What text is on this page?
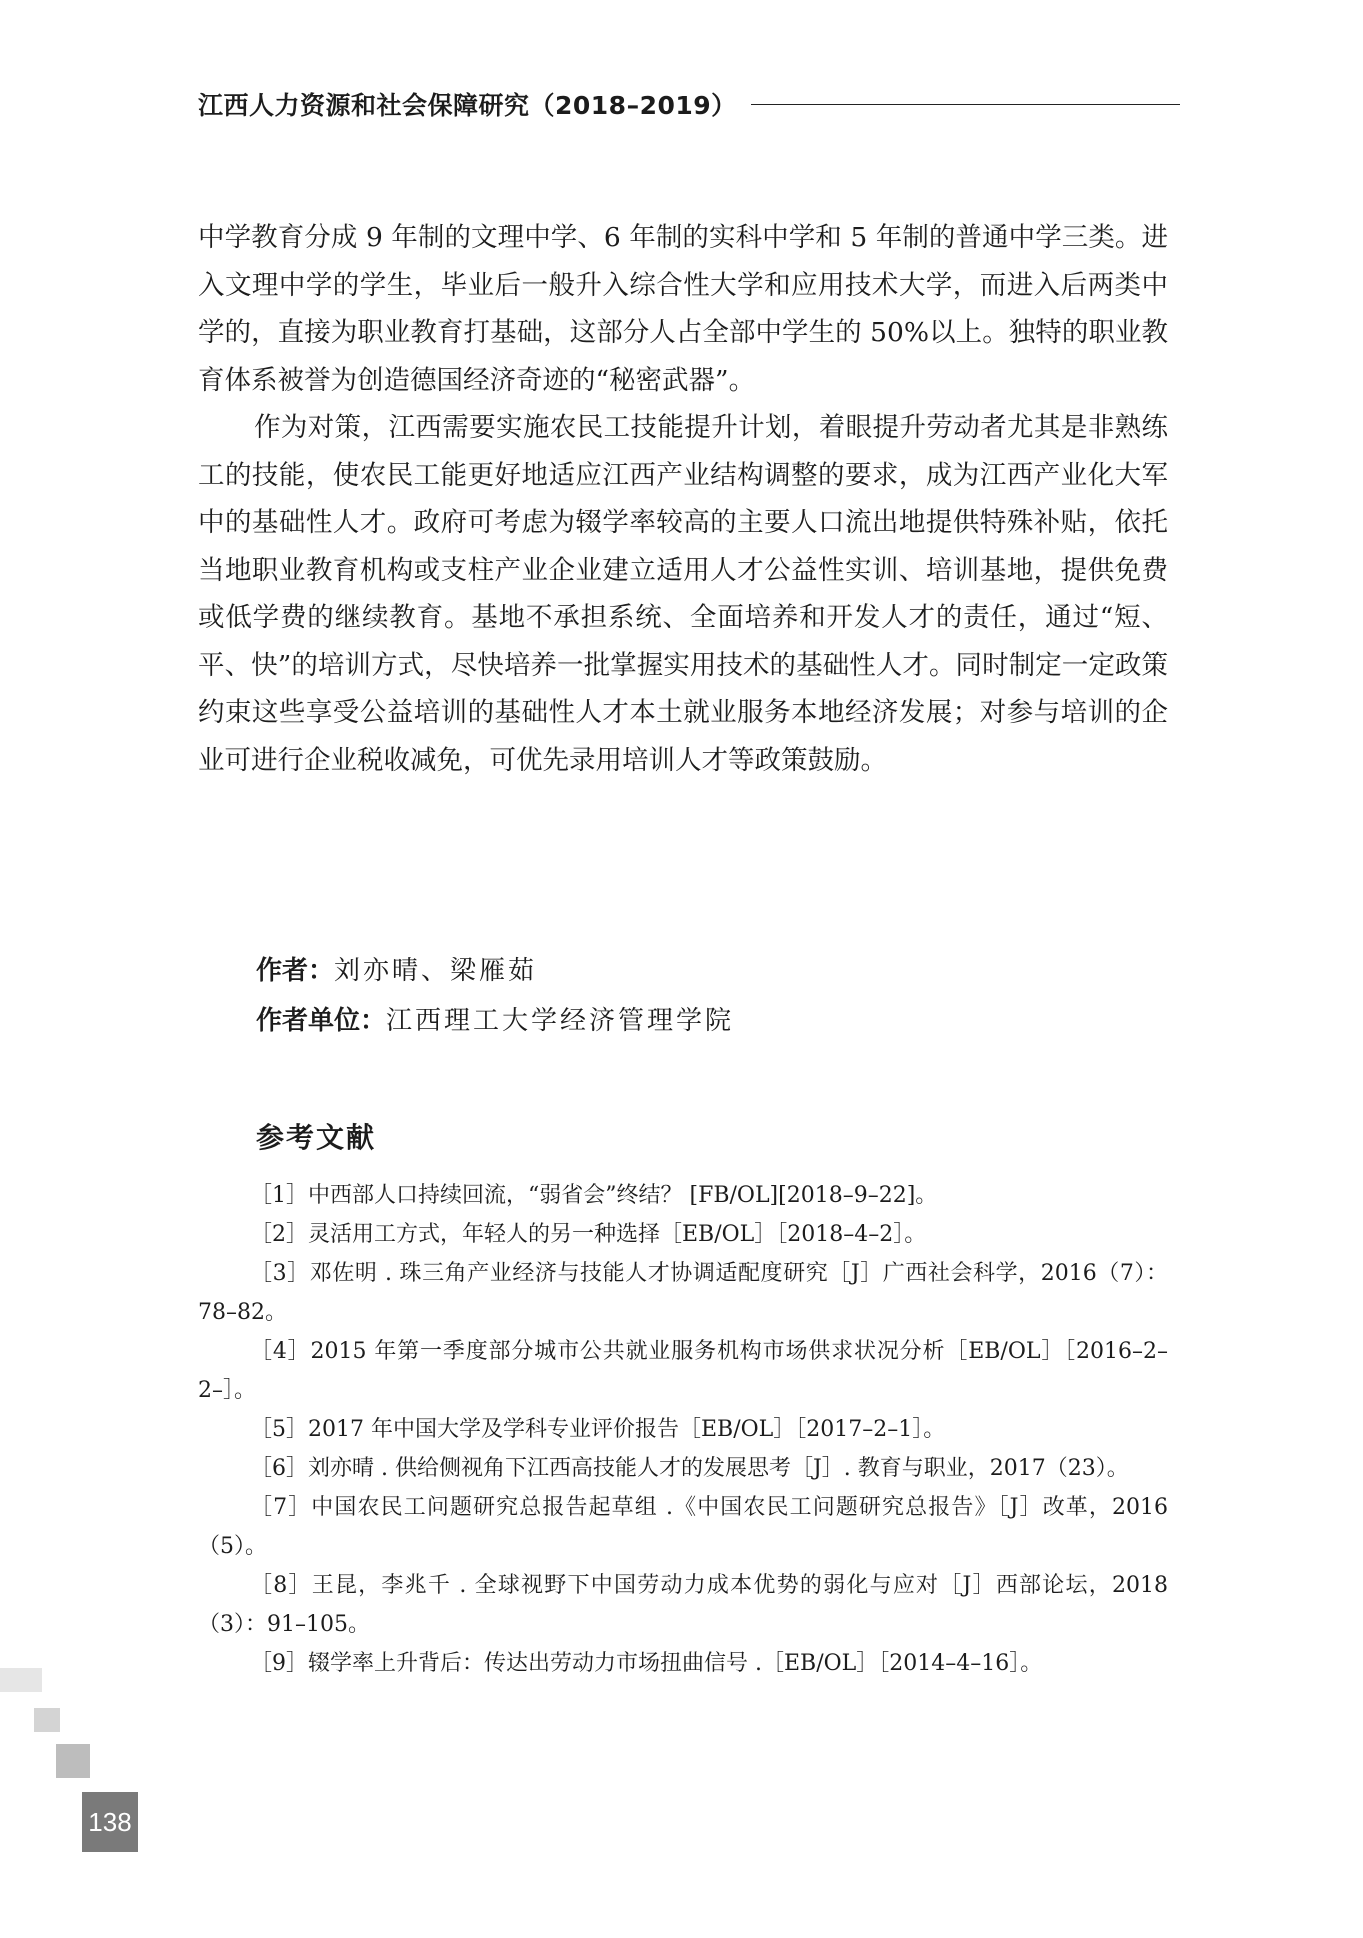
江西人力资源和社会保障研究（2018–2019）

中学教育分成 9 年制的文理中学、6 年制的实科中学和 5 年制的普通中学三类。进入文理中学的学生，毕业后一般升入综合性大学和应用技术大学，而进入后两类中学的，直接为职业教育打基础，这部分人占全部中学生的 50%以上。独特的职业教育体系被誉为创造德国经济奇迹的“秘密武器”。

作为对策，江西需要实施农民工技能提升计划，着眼提升劳动者尤其是非熟练工的技能，使农民工能更好地适应江西产业结构调整的要求，成为江西产业化大军中的基础性人才。政府可考虑为辍学率较高的主要人口流出地提供特殊补贴，依托当地职业教育机构或支柱产业企业建立适用人才公益性实训、培训基地，提供免费或低学费的继续教育。基地不承担系统、全面培养和开发人才的责任，通过“短、平、快”的培训方式，尽快培养一批掌握实用技术的基础性人才。同时制定一定政策约束这些享受公益培训的基础性人才本土就业服务本地经济发展；对参与培训的企业可进行企业税收减免，可优先录用培训人才等政策鼓励。

作者：刘亦晴、梁雁茹
作者单位：江西理工大学经济管理学院
参考文献

［1］中西部人口持续回流，“弱省会”终结？ [FB/OL][2018–9–22]。

［2］灵活用工方式，年轻人的另一种选择［EB/OL］［2018–4–2］。

［3］邓佐明 . 珠三角产业经济与技能人才协调适配度研究［J］广西社会科学，2016（7）：78–82。

［4］2015 年第一季度部分城市公共就业服务机构市场供求状况分析［EB/OL］［2016–2–2–］。

［5］2017 年中国大学及学科专业评价报告［EB/OL］［2017–2–1］。

［6］刘亦晴 . 供给侧视角下江西高技能人才的发展思考［J］. 教育与职业，2017（23）。

［7］中国农民工问题研究总报告起草组 .《中国农民工问题研究总报告》［J］改革，2016（5）。

［8］王昆，李兆千 . 全球视野下中国劳动力成本优势的弱化与应对［J］西部论坛，2018（3）：91–105。

［9］辍学率上升背后：传达出劳动力市场扭曲信号 .［EB/OL］［2014–4–16］。

138
